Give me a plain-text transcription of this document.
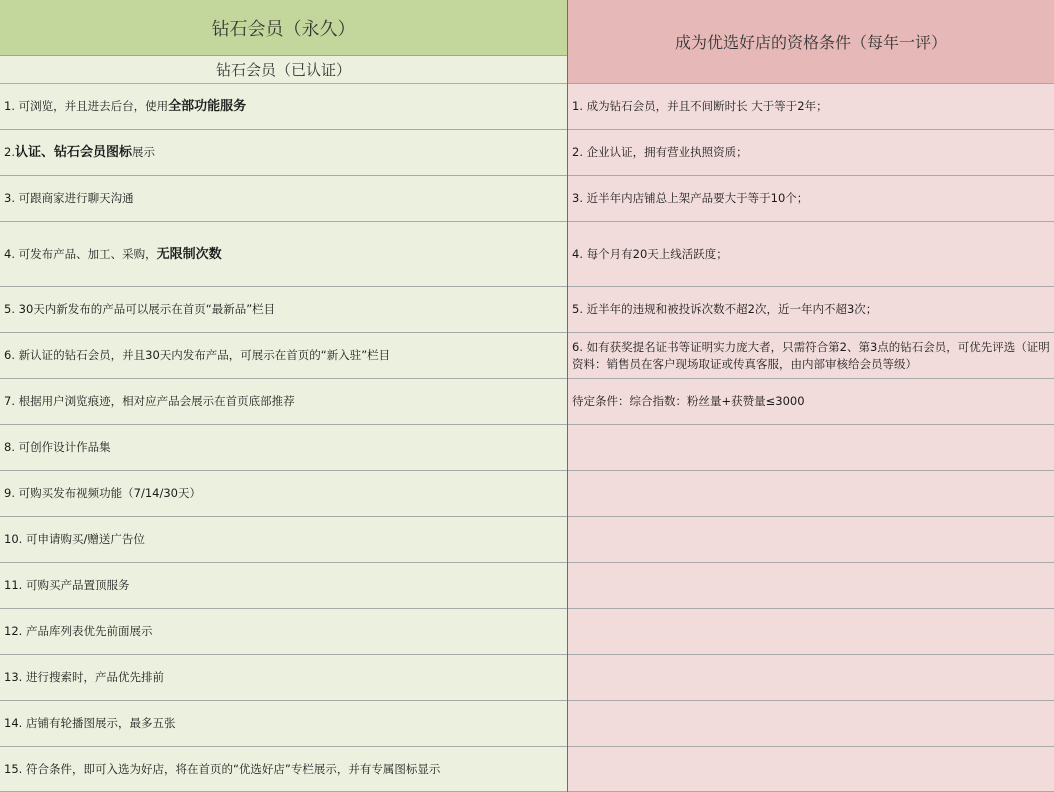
钻石会员（永久）
钻石会员（已认证）
1. 可浏览，并且进去后台，使用 全部功能服务
2. 认证、钻石会员图标 展示
3. 可跟商家进行聊天沟通
4. 可发布产品、加工、采购， 无限制次数
5. 30天内新发布的产品可以展示在首页“最新品”栏目
6. 新认证的钻石会员，并且30天内发布产品，可展示在首页的“新入驻”栏目
7. 根据用户浏览痕迹，相对应产品会展示在首页底部推荐
8. 可创作设计作品集
9. 可购买发布视频功能（7/14/30天）
10. 可申请购买/赠送广告位
11. 可购买产品置顶服务
12. 产品库列表优先前面展示
13. 进行搜索时，产品优先排前
14. 店铺有轮播图展示，最多五张
15. 符合条件，即可入选为好店，将在首页的“优选好店”专栏展示，并有专属图标显示
成为优选好店的资格条件（每年一评）
1. 成为钻石会员，并且不间断时长 大于等于2年；
2. 企业认证，拥有营业执照资质；
3. 近半年内店铺总上架产品要大于等于10个；
4. 每个月有20天上线活跃度；
5. 近半年的违规和被投诉次数不超2次，近一年内不超3次；
6. 如有获奖提名证书等证明实力庞大者，只需符合第2、第3点的钻石会员，可优先评选（证明资料：销售员在客户现场取证或传真客服，由内部审核给会员等级）
待定条件：综合指数：粉丝量+获赞量≤3000
